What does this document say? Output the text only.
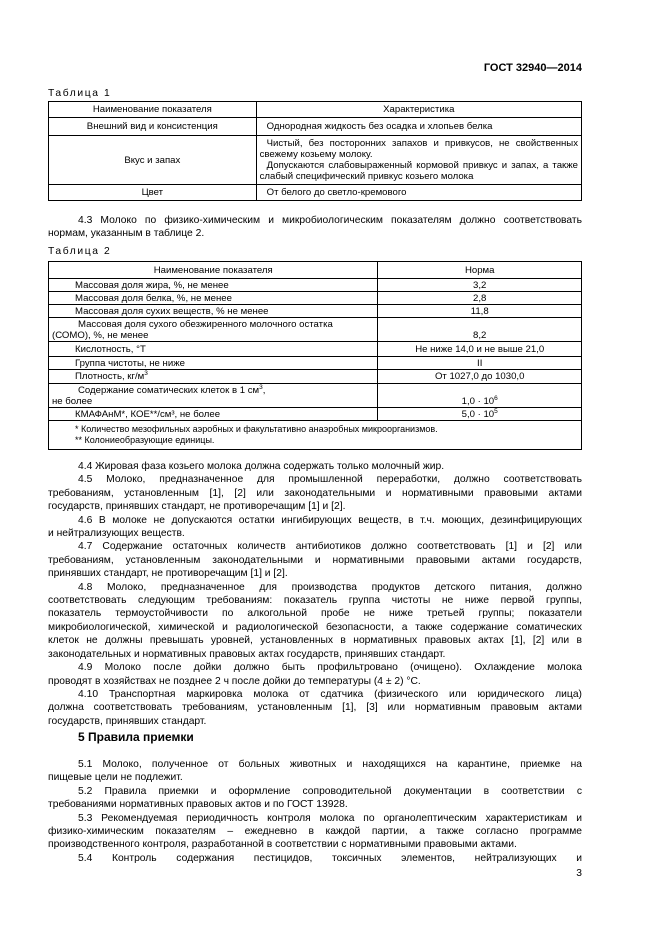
ГОСТ 32940—2014
Таблица 1
Наименование показателя	Характеристика
Внешний вид и консистенция	Однородная жидкость без осадка и хлопьев белка
Вкус и запах	Чистый, без посторонних запахов и привкусов, не свойственных
свежему козьему молоку.
Допускаются слабовыраженный кормовой привкус и запах, а также
слабый специфический привкус козьего молока

Цвет	От белого до светло-кремового
4.3 Молоко по физико-химическим и микробиологическим показателям должно соответствовать
нормам, указанным в таблице 2.
Таблица 2
Наименование показателя	Норма
Массовая доля жира, %, не менее	3,2
Массовая доля белка, %, не менее	2,8
Массовая доля сухих веществ, % не менее	11,8

Массовая доля сухого обезжиренного молочного остатка
(СОМО), %, не менее	8,2
Кислотность, °Т	Не ниже 14,0 и не выше 21,0
Группа чистоты, не ниже	II
Плотность, $кг/м^3$	От 1027,0 до 1030,0

Содержание соматических клеток в 1 $см^3$,
не более	$1,0 \cdot 10^6$
КМАФАнМ*, КОЕ**/см³, не более	$5,0 \cdot 10^5$

* Количество мезофильных аэробных и факультативно анаэробных микроорганизмов.
** Колониеобразующие единицы.	
4.4 Жировая фаза козьего молока должна содержать только молочный жир.
4.5 Молоко, предназначенное для промышленной переработки, должно соответствовать
требованиям, установленным [1], [2] или законодательными и нормативными правовыми актами
государств, принявших стандарт, не противоречащим [1] и [2].
4.6 В молоке не допускаются остатки ингибирующих веществ, в т.ч. моющих, дезинфицирующих
и нейтрализующих веществ.
4.7 Содержание остаточных количеств антибиотиков должно соответствовать [1] и [2] или
требованиям, установленным законодательными и нормативными правовыми актами государств,
принявших стандарт, не противоречащим [1] и [2].
4.8 Молоко, предназначенное для производства продуктов детского питания, должно
соответствовать следующим требованиям: показатель группа чистоты не ниже первой группы,
показатель термоустойчивости по алкогольной пробе не ниже третьей группы; показатели
микробиологической, химической и радиологической безопасности, а также содержание соматических
клеток не должны превышать уровней, установленных в нормативных правовых актах [1], [2] или в
законодательных и нормативных правовых актах государств, принявших стандарт.
4.9 Молоко после дойки должно быть профильтровано (очищено). Охлаждение молока
проводят в хозяйствах не позднее 2 ч после дойки до температуры (4 ± 2) °С.
4.10 Транспортная маркировка молока от сдатчика (физического или юридического лица)
должна соответствовать требованиям, установленным [1], [3] или нормативным правовым актами
государств, принявших стандарт.
5 Правила приемки
5.1 Молоко, полученное от больных животных и находящихся на карантине, приемке на
пищевые цели не подлежит.
5.2 Правила приемки и оформление сопроводительной документации в соответствии с
требованиями нормативных правовых актов и по ГОСТ 13928.
5.3 Рекомендуемая периодичность контроля молока по органолептическим характеристикам и
физико-химическим показателям – ежедневно в каждой партии, а также согласно программе
производственного контроля, разработанной в соответствии с нормативными правовыми актами.
5.4 Контроль содержания пестицидов, токсичных элементов, нейтрализующих и
3
